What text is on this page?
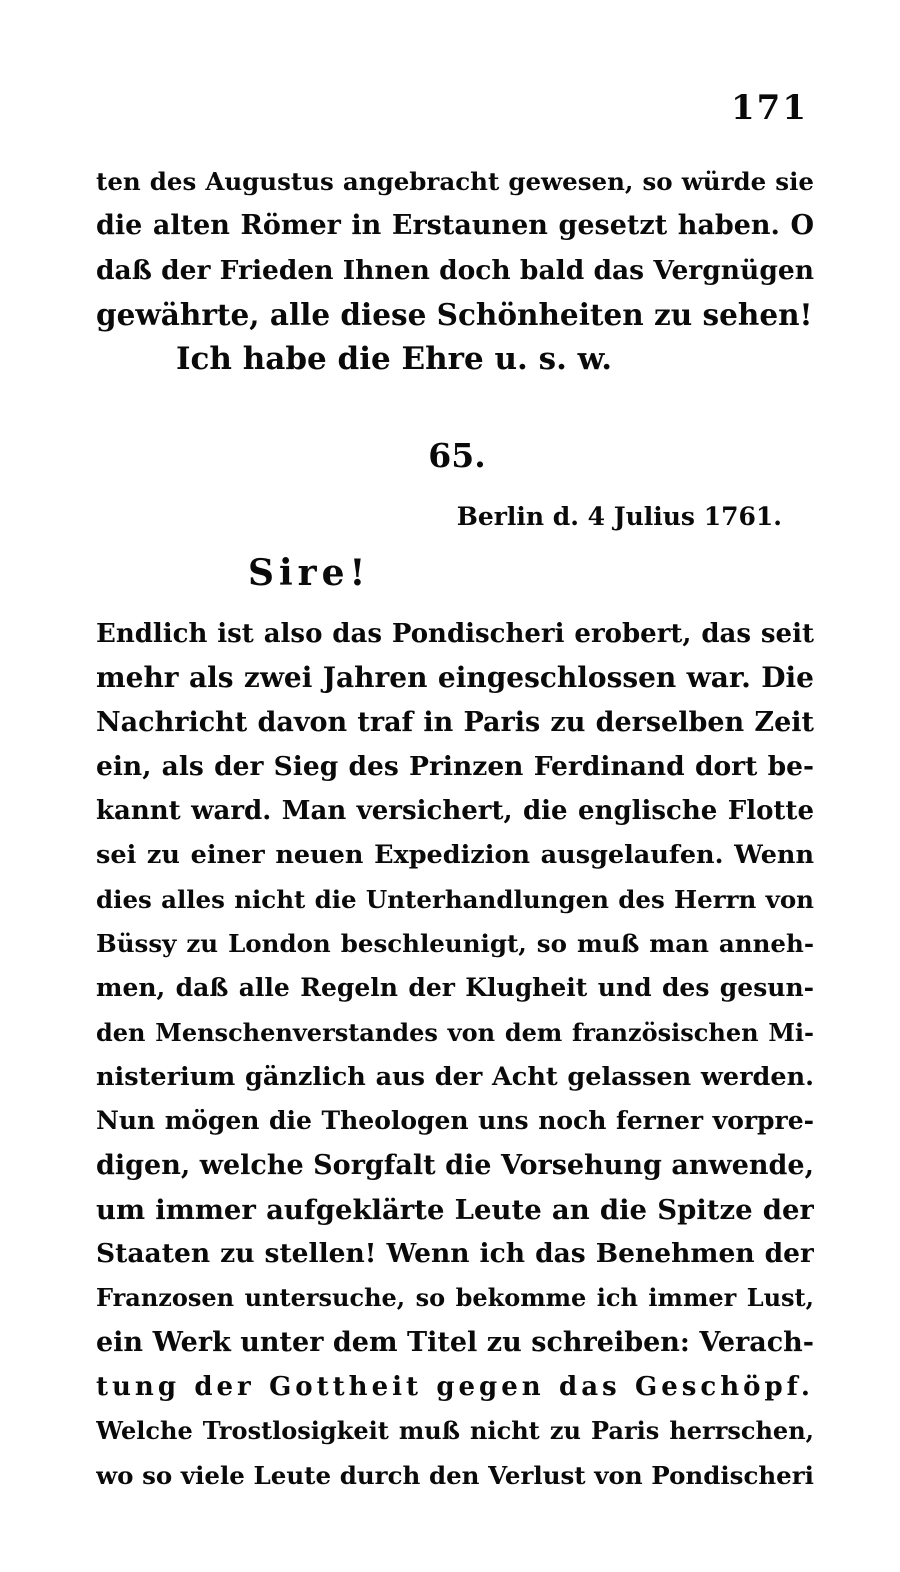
171
ten des Augustus angebracht gewesen, so würde sie
die alten Römer in Erstaunen gesetzt haben. O
daß der Frieden Ihnen doch bald das Vergnügen
gewährte, alle diese Schönheiten zu sehen!
Ich habe die Ehre u. s. w.
65.
Berlin d. 4 Julius 1761.
Sire!
Endlich ist also das Pondischeri erobert, das seit
mehr als zwei Jahren eingeschlossen war. Die
Nachricht davon traf in Paris zu derselben Zeit
ein, als der Sieg des Prinzen Ferdinand dort be-
kannt ward. Man versichert, die englische Flotte
sei zu einer neuen Expedizion ausgelaufen. Wenn
dies alles nicht die Unterhandlungen des Herrn von
Büssy zu London beschleunigt, so muß man anneh-
men, daß alle Regeln der Klugheit und des gesun-
den Menschenverstandes von dem französischen Mi-
nisterium gänzlich aus der Acht gelassen werden.
Nun mögen die Theologen uns noch ferner vorpre-
digen, welche Sorgfalt die Vorsehung anwende,
um immer aufgeklärte Leute an die Spitze der
Staaten zu stellen! Wenn ich das Benehmen der
Franzosen untersuche, so bekomme ich immer Lust,
ein Werk unter dem Titel zu schreiben: Verach-
tung der Gottheit gegen das Geschöpf.
Welche Trostlosigkeit muß nicht zu Paris herrschen,
wo so viele Leute durch den Verlust von Pondischeri
